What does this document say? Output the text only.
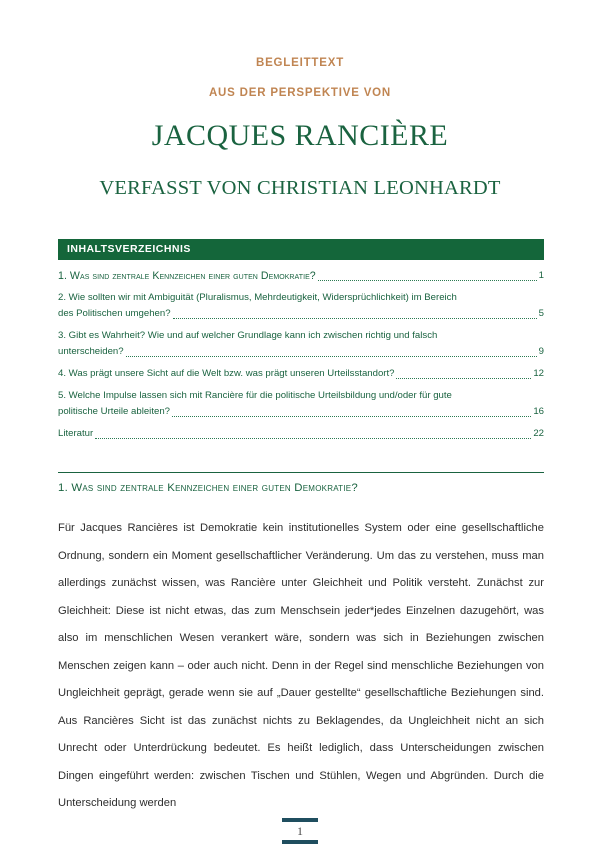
BEGLEITTEXT
AUS DER PERSPEKTIVE VON
JACQUES RANCIÈRE
VERFASST VON CHRISTIAN LEONHARDT
INHALTSVERZEICHNIS
1. Was sind zentrale Kennzeichen einer guten Demokratie?	1
2. Wie sollten wir mit Ambiguität (Pluralismus, Mehrdeutigkeit, Widersprüchlichkeit) im Bereich
des Politischen umgehen?	5
3. Gibt es Wahrheit? Wie und auf welcher Grundlage kann ich zwischen richtig und falsch
unterscheiden?	9
4. Was prägt unsere Sicht auf die Welt bzw. was prägt unseren Urteilsstandort?	12
5. Welche Impulse lassen sich mit Rancière für die politische Urteilsbildung und/oder für gute
politische Urteile ableiten?	16
Literatur	22
1. Was sind zentrale Kennzeichen einer guten Demokratie?

Für Jacques Rancières ist Demokratie kein institutionelles System oder eine gesellschaftliche Ordnung, sondern ein Moment gesellschaftlicher Veränderung. Um das zu verstehen, muss man allerdings zunächst wissen, was Rancière unter Gleichheit und Politik versteht. Zunächst zur Gleichheit: Diese ist nicht etwas, das zum Menschsein jeder*jedes Einzelnen dazugehört, was also im menschlichen Wesen verankert wäre, sondern was sich in Beziehungen zwischen Menschen zeigen kann – oder auch nicht. Denn in der Regel sind menschliche Beziehungen von Ungleichheit geprägt, gerade wenn sie auf „Dauer gestellte“ gesellschaftliche Beziehungen sind. Aus Rancières Sicht ist das zunächst nichts zu Beklagendes, da Ungleichheit nicht an sich Unrecht oder Unterdrückung bedeutet. Es heißt lediglich, dass Unterscheidungen zwischen Dingen eingeführt werden: zwischen Tischen und Stühlen, Wegen und Abgründen. Durch die Unterscheidung werden

1
